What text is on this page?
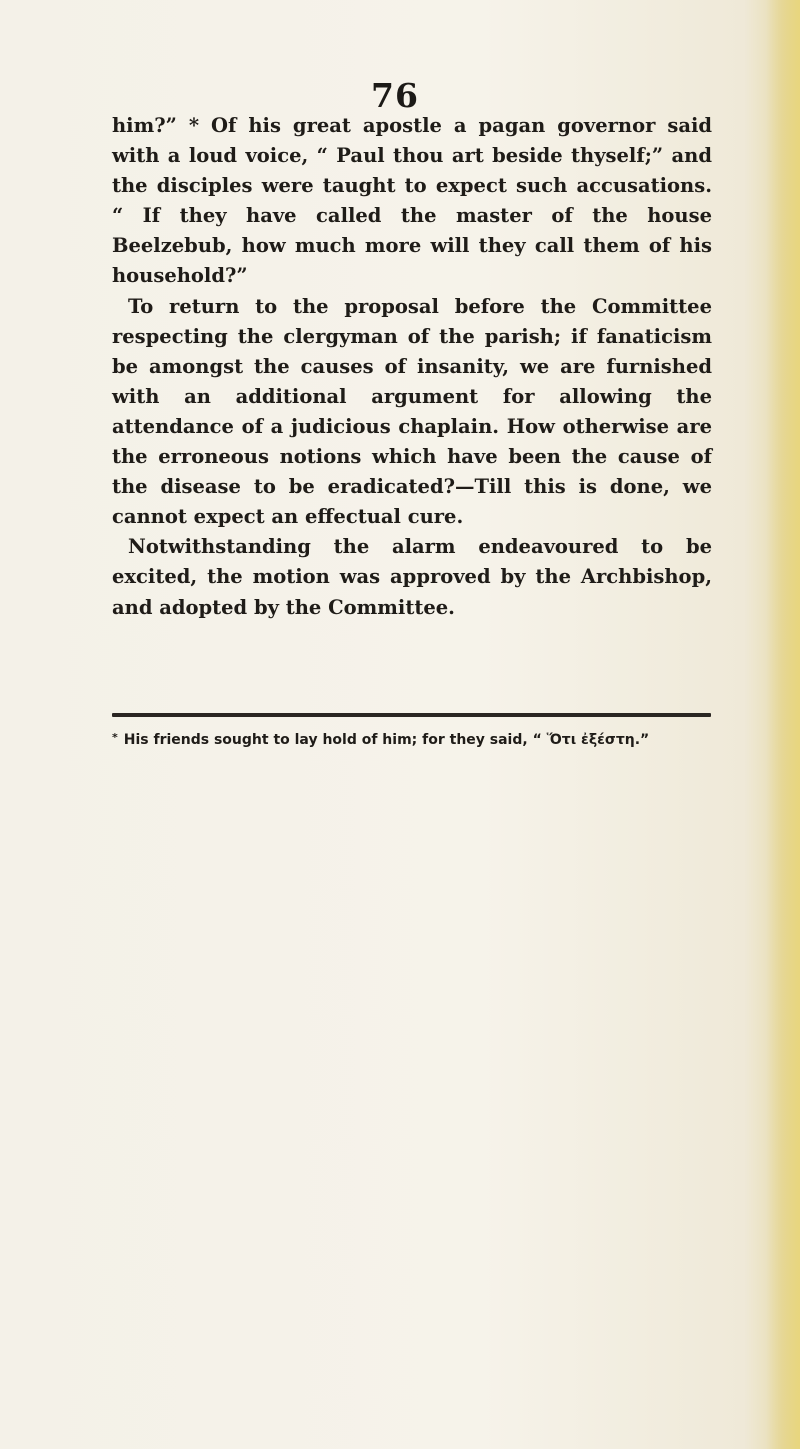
76

him?” * Of his great apostle a pagan governor said with a loud voice, “ Paul thou art beside thyself;” and the disciples were taught to expect such accusations. “ If they have called the master of the house Beelzebub, how much more will they call them of his household?”

To return to the proposal before the Committee respecting the clergyman of the parish; if fanaticism be amongst the causes of insanity, we are furnished with an additional argument for allowing the attendance of a judicious chaplain. How otherwise are the erroneous notions which have been the cause of the disease to be eradicated?—Till this is done, we cannot expect an effectual cure.

Notwithstanding the alarm endeavoured to be excited, the motion was approved by the Archbishop, and adopted by the Committee.

* His friends sought to lay hold of him; for they said, “ Ὅτι ἐξέστη.”
